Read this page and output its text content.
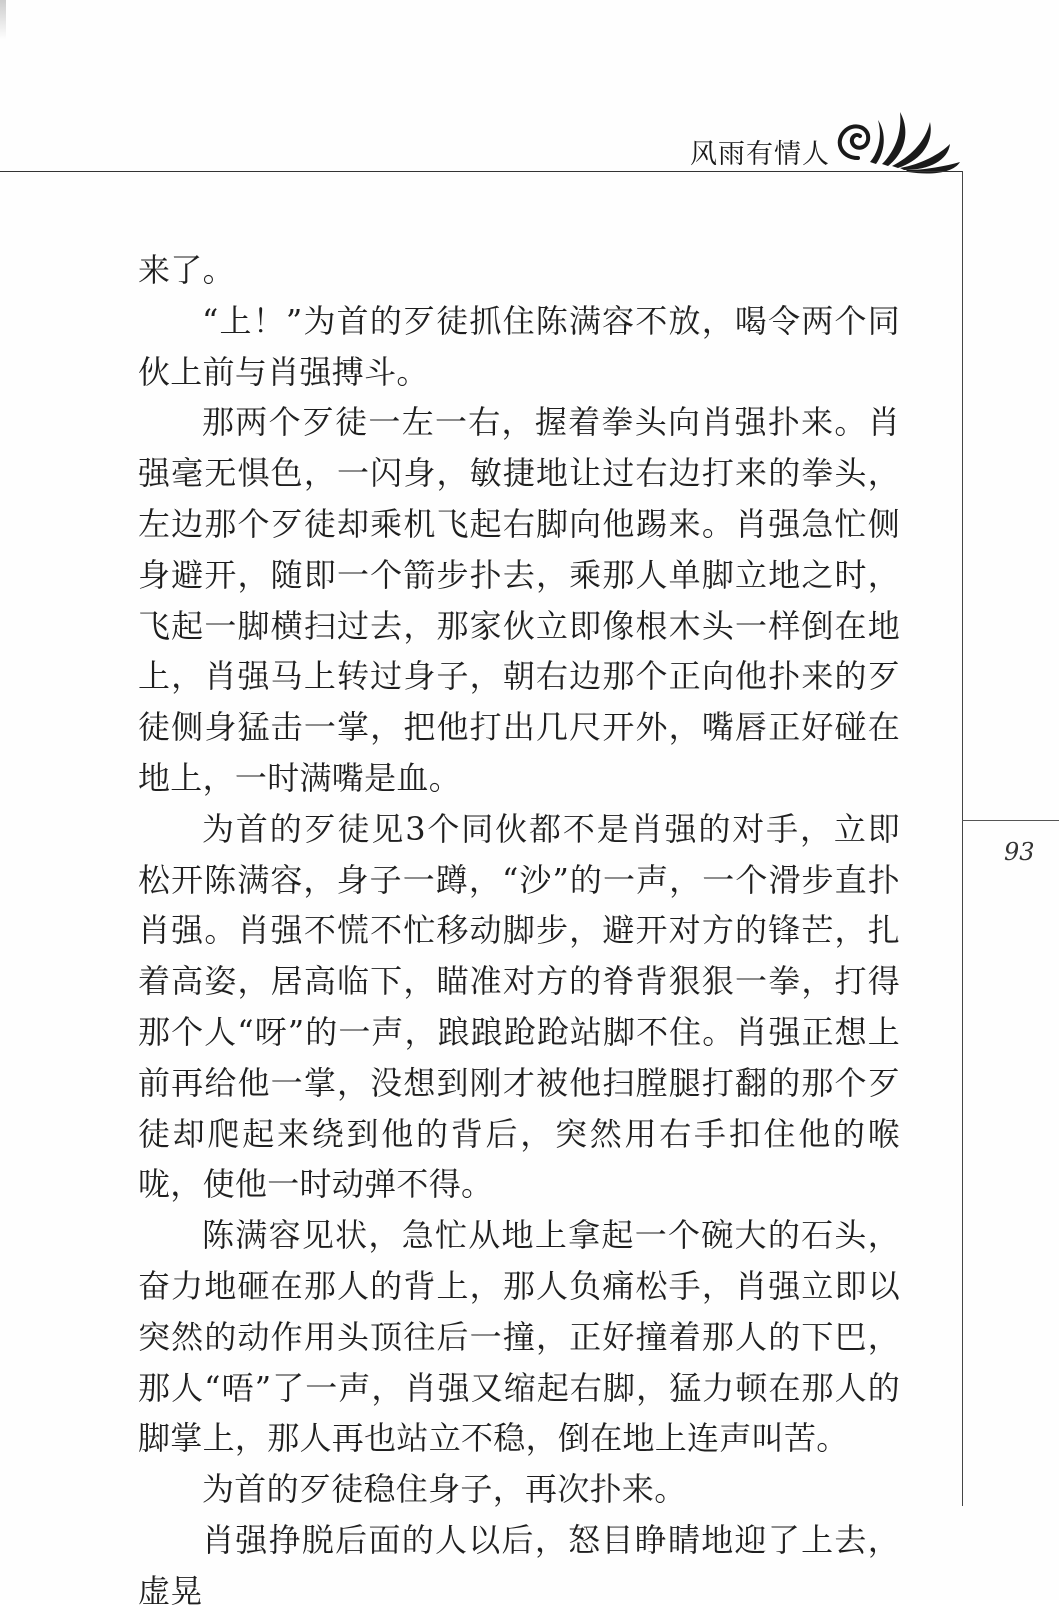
风雨有情人
93

来了。

“上！”为首的歹徒抓住陈满容不放，喝令两个同伙上前与肖强搏斗。

那两个歹徒一左一右，握着拳头向肖强扑来。肖强毫无惧色，一闪身，敏捷地让过右边打来的拳头，左边那个歹徒却乘机飞起右脚向他踢来。肖强急忙侧身避开，随即一个箭步扑去，乘那人单脚立地之时，飞起一脚横扫过去，那家伙立即像根木头一样倒在地上，肖强马上转过身子，朝右边那个正向他扑来的歹徒侧身猛击一掌，把他打出几尺开外，嘴唇正好碰在地上，一时满嘴是血。

为首的歹徒见3个同伙都不是肖强的对手，立即松开陈满容，身子一蹲，“沙”的一声，一个滑步直扑肖强。肖强不慌不忙移动脚步，避开对方的锋芒，扎着高姿，居高临下，瞄准对方的脊背狠狠一拳，打得那个人“呀”的一声，踉踉跄跄站脚不住。肖强正想上前再给他一掌，没想到刚才被他扫膛腿打翻的那个歹徒却爬起来绕到他的背后，突然用右手扣住他的喉咙，使他一时动弹不得。

陈满容见状，急忙从地上拿起一个碗大的石头，奋力地砸在那人的背上，那人负痛松手，肖强立即以突然的动作用头顶往后一撞，正好撞着那人的下巴，那人“唔”了一声，肖强又缩起右脚，猛力顿在那人的脚掌上，那人再也站立不稳，倒在地上连声叫苦。

为首的歹徒稳住身子，再次扑来。

肖强挣脱后面的人以后，怒目睁睛地迎了上去，虚晃
